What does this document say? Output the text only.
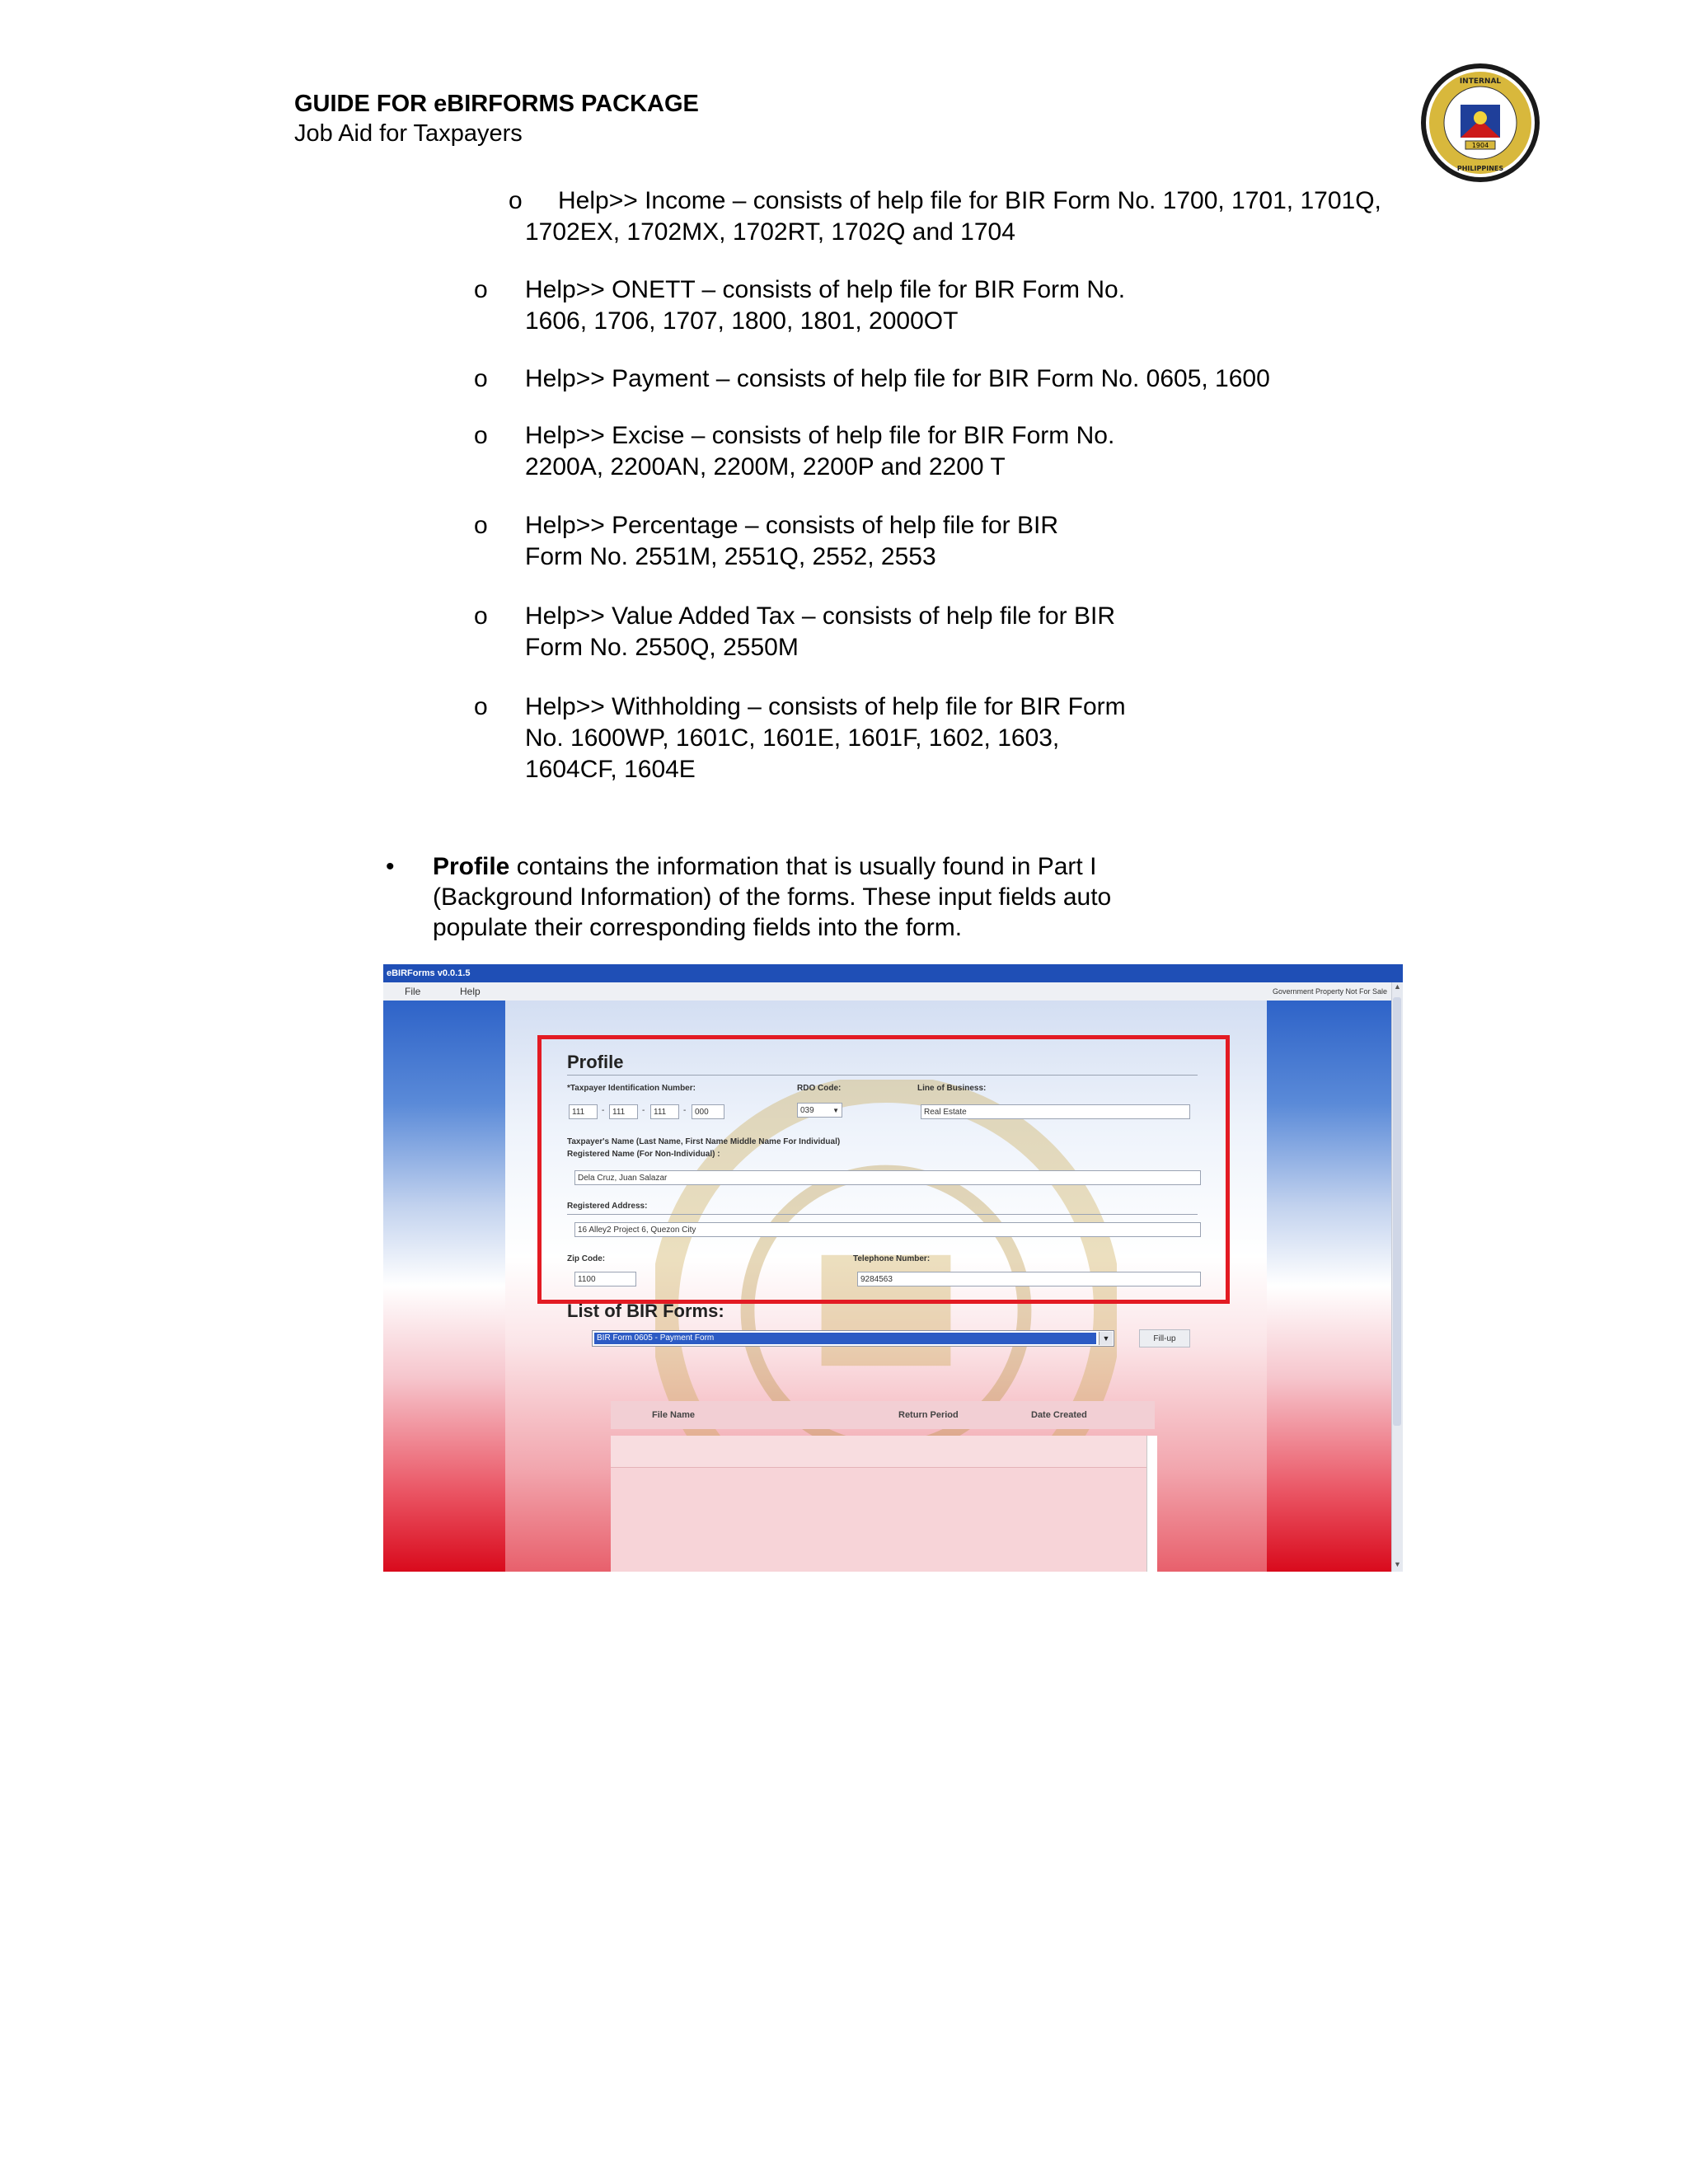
GUIDE FOR eBIRFORMS PACKAGE
Job Aid for Taxpayers	1904
INTERNAL
PHILIPPINES
o Help>> Income – consists of help file for BIR Form No. 1700, 1701, 1701Q,
1702EX, 1702MX, 1702RT, 1702Q and 1704
o Help>> ONETT – consists of help file for BIR Form No.
1606, 1706, 1707, 1800, 1801, 2000OT
o Help>> Payment – consists of help file for BIR Form No. 0605, 1600
o Help>> Excise – consists of help file for BIR Form No.
2200A, 2200AN, 2200M, 2200P and 2200 T
o Help>> Percentage – consists of help file for BIR
Form No. 2551M, 2551Q, 2552, 2553
o Help>> Value Added Tax – consists of help file for BIR
Form No. 2550Q, 2550M
o Help>> Withholding – consists of help file for BIR Form
No. 1600WP, 1601C, 1601E, 1601F, 1602, 1603,
1604CF, 1604E
• Profile contains the information that is usually found in Part I
(Background Information) of the forms. These input fields auto
populate their corresponding fields into the form.
eBIRForms v0.0.1.5
File	Help	Government Property Not For Sale
▲
▼
Profile
*Taxpayer Identification Number:
111	- 111	-	111	-	000
RDO Code:
039	▼
Line of Business:
Real Estate
Taxpayer's Name (Last Name, First Name Middle Name For Individual)
Registered Name (For Non-Individual) :
Dela Cruz, Juan Salazar
Registered Address:
16 Alley2 Project 6, Quezon City
Zip Code:
1100
Telephone Number:
9284563
List of BIR Forms:
BIR Form 0605 - Payment Form	▼	Fill-up
File Name	Return Period	Date Created
